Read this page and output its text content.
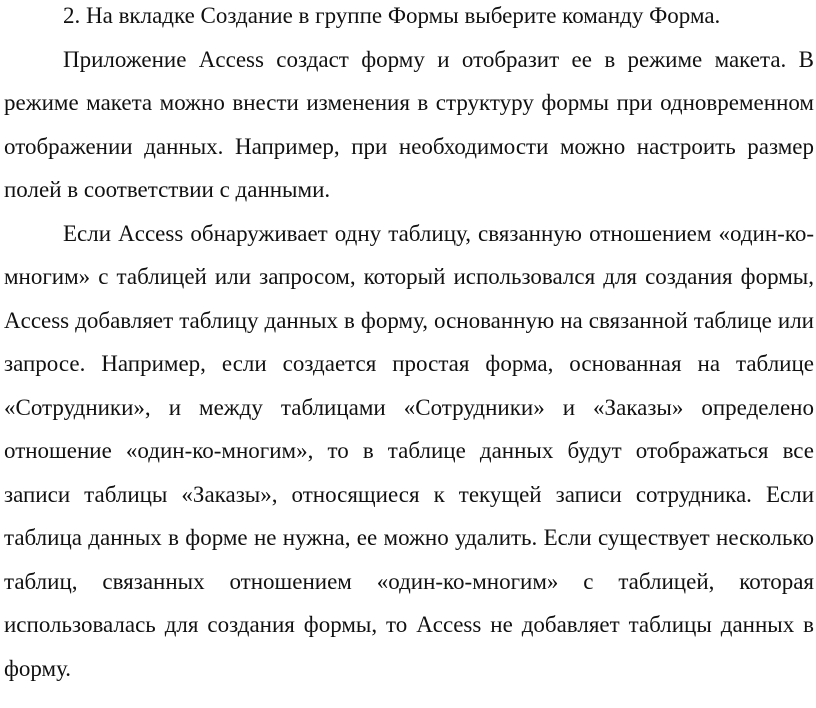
2. На вкладке Создание в группе Формы выберите команду Форма.

Приложение Access создаст форму и отобразит ее в режиме макета. В режиме макета можно внести изменения в структуру формы при одновременном отображении данных. Например, при необходимости можно настроить размер полей в соответствии с данными.

Если Access обнаруживает одну таблицу, связанную отношением «один-ко-многим» с таблицей или запросом, который использовался для создания формы, Access добавляет таблицу данных в форму, основанную на связанной таблице или запросе. Например, если создается простая форма, основанная на таблице «Сотрудники», и между таблицами «Сотрудники» и «Заказы» определено отношение «один-ко-многим», то в таблице данных будут отображаться все записи таблицы «Заказы», относящиеся к текущей записи сотрудника. Если таблица данных в форме не нужна, ее можно удалить. Если существует несколько таблиц, связанных отношением «один-ко-многим» с таблицей, которая использовалась для создания формы, то Access не добавляет таблицы данных в форму.
